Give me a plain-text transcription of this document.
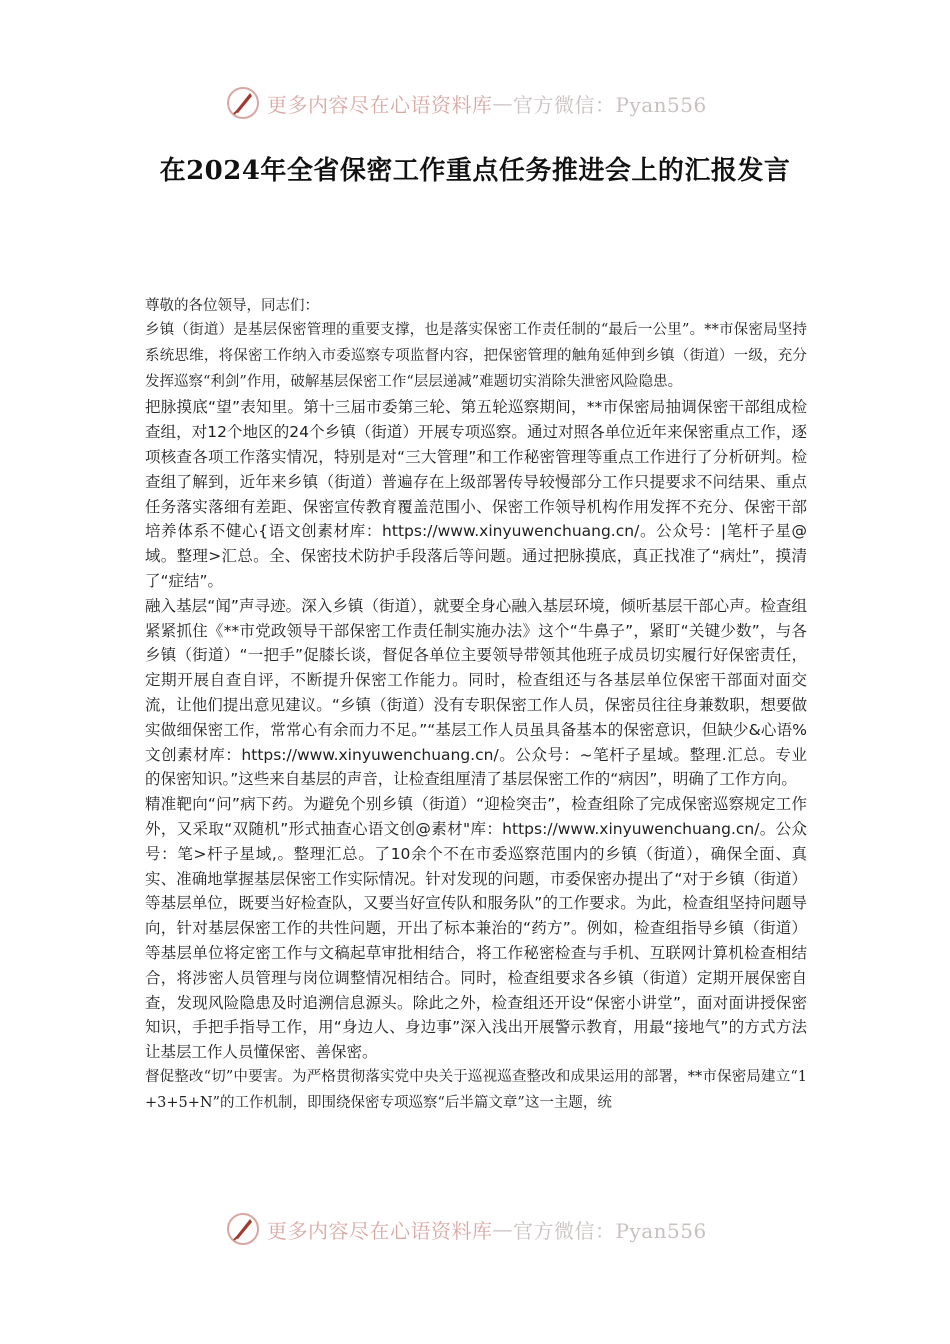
更多内容尽在心语资料库 — 官方微信：Pyan556
在2024年全省保密工作重点任务推进会上的汇报发言

尊敬的各位领导，同志们：

乡镇（街道）是基层保密管理的重要支撑，也是落实保密工作责任制的“最后一公里”。**市保密局坚持系统思维，将保密工作纳入市委巡察专项监督内容，把保密管理的触角延伸到乡镇（街道）一级，充分发挥巡察“利剑”作用，破解基层保密工作“层层递减”难题切实消除失泄密风险隐患。

把脉摸底“望”表知里。第十三届市委第三轮、第五轮巡察期间，**市保密局抽调保密干部组成检查组，对12个地区的24个乡镇（街道）开展专项巡察。通过对照各单位近年来保密重点工作，逐项核查各项工作落实情况，特别是对“三大管理”和工作秘密管理等重点工作进行了分析研判。检查组了解到，近年来乡镇（街道）普遍存在上级部署传导较慢部分工作只提要求不问结果、重点任务落实落细有差距、保密宣传教育覆盖范围小、保密工作领导机构作用发挥不充分、保密干部培养体系不健心{语文创素材库：https://www.xinyuwenchuang.cn/。公众号：|笔杆子星@域。整理>汇总。全、保密技术防护手段落后等问题。通过把脉摸底，真正找准了“病灶”，摸清了“症结”。

融入基层“闻”声寻迹。深入乡镇（街道），就要全身心融入基层环境，倾听基层干部心声。检查组紧紧抓住《**市党政领导干部保密工作责任制实施办法》这个“牛鼻子”，紧盯“关键少数”，与各乡镇（街道）“一把手”促膝长谈，督促各单位主要领导带领其他班子成员切实履行好保密责任，定期开展自查自评，不断提升保密工作能力。同时，检查组还与各基层单位保密干部面对面交流，让他们提出意见建议。“乡镇（街道）没有专职保密工作人员，保密员往往身兼数职，想要做实做细保密工作，常常心有余而力不足。”“基层工作人员虽具备基本的保密意识，但缺少&心语%文创素材库：https://www.xinyuwenchuang.cn/。公众号：~笔杆子星域。整理.汇总。专业的保密知识。”这些来自基层的声音，让检查组厘清了基层保密工作的“病因”，明确了工作方向。

精准靶向“问”病下药。为避免个别乡镇（街道）“迎检突击”，检查组除了完成保密巡察规定工作外，又采取“双随机”形式抽查心语文创@素材"库：https://www.xinyuwenchuang.cn/。公众号：笔>杆子星域,。整理汇总。了10余个不在市委巡察范围内的乡镇（街道），确保全面、真实、准确地掌握基层保密工作实际情况。针对发现的问题，市委保密办提出了“对于乡镇（街道）等基层单位，既要当好检查队，又要当好宣传队和服务队”的工作要求。为此，检查组坚持问题导向，针对基层保密工作的共性问题，开出了标本兼治的“药方”。例如，检查组指导乡镇（街道）等基层单位将定密工作与文稿起草审批相结合，将工作秘密检查与手机、互联网计算机检查相结合，将涉密人员管理与岗位调整情况相结合。同时，检查组要求各乡镇（街道）定期开展保密自查，发现风险隐患及时追溯信息源头。除此之外，检查组还开设“保密小讲堂”，面对面讲授保密知识，手把手指导工作，用“身边人、身边事”深入浅出开展警示教育，用最“接地气”的方式方法让基层工作人员懂保密、善保密。

督促整改“切”中要害。为严格贯彻落实党中央关于巡视巡查整改和成果运用的部署，**市保密局建立“1+3+5+N”的工作机制，即围绕保密专项巡察“后半篇文章”这一主题，统

更多内容尽在心语资料库 — 官方微信：Pyan556
